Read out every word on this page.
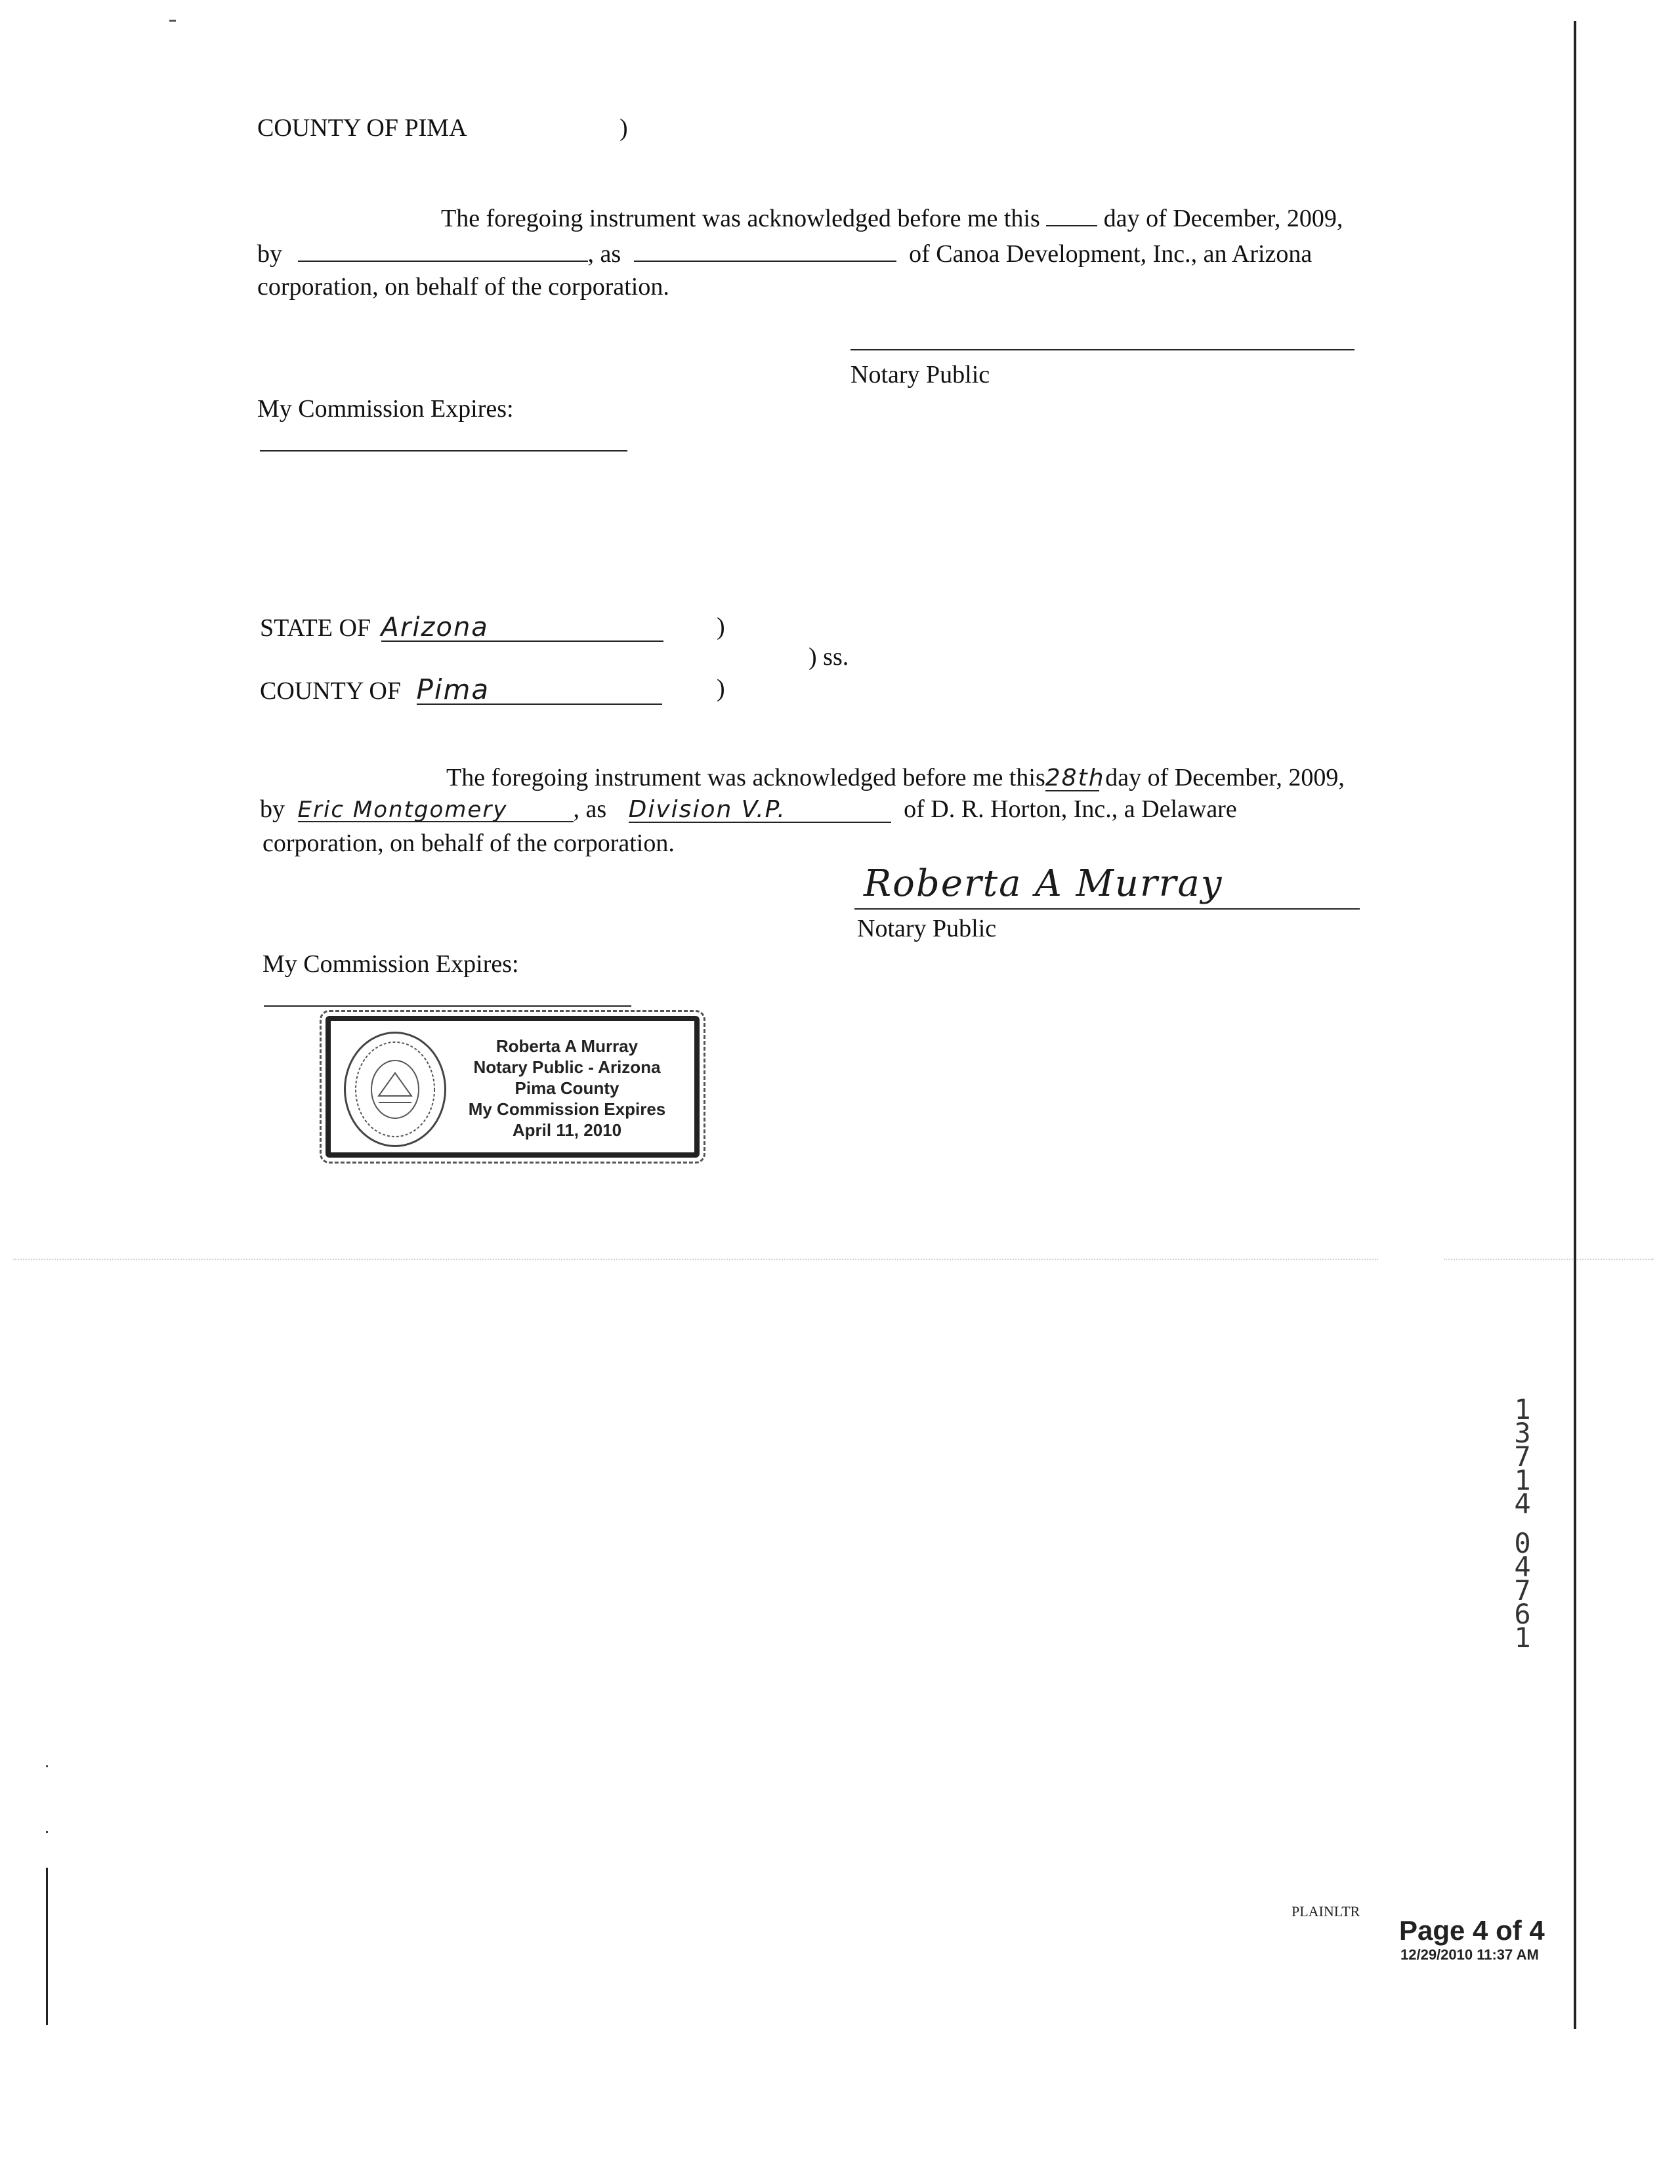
COUNTY OF PIMA	)
The foregoing instrument was acknowledged before me this	day of December, 2009,
by	, as	of Canoa Development, Inc., an Arizona
corporation, on behalf of the corporation.
Notary Public
My Commission Expires:
STATE OF Arizona	)
) ss.
COUNTY OF Pima	)
The foregoing instrument was acknowledged before me this28th day of December, 2009,
by Eric Montgomery	, as Division V.P.	of D. R. Horton, Inc., a Delaware
corporation, on behalf of the corporation.
Roberta A Murray
Notary Public
My Commission Expires:
Roberta A Murray
Notary Public - Arizona
Pima County
My Commission Expires
April 11, 2010
1
3
7
1
4
0
4
7
6
1
PLAINLTR
Page 4 of 4
12/29/2010 11:37 AM
